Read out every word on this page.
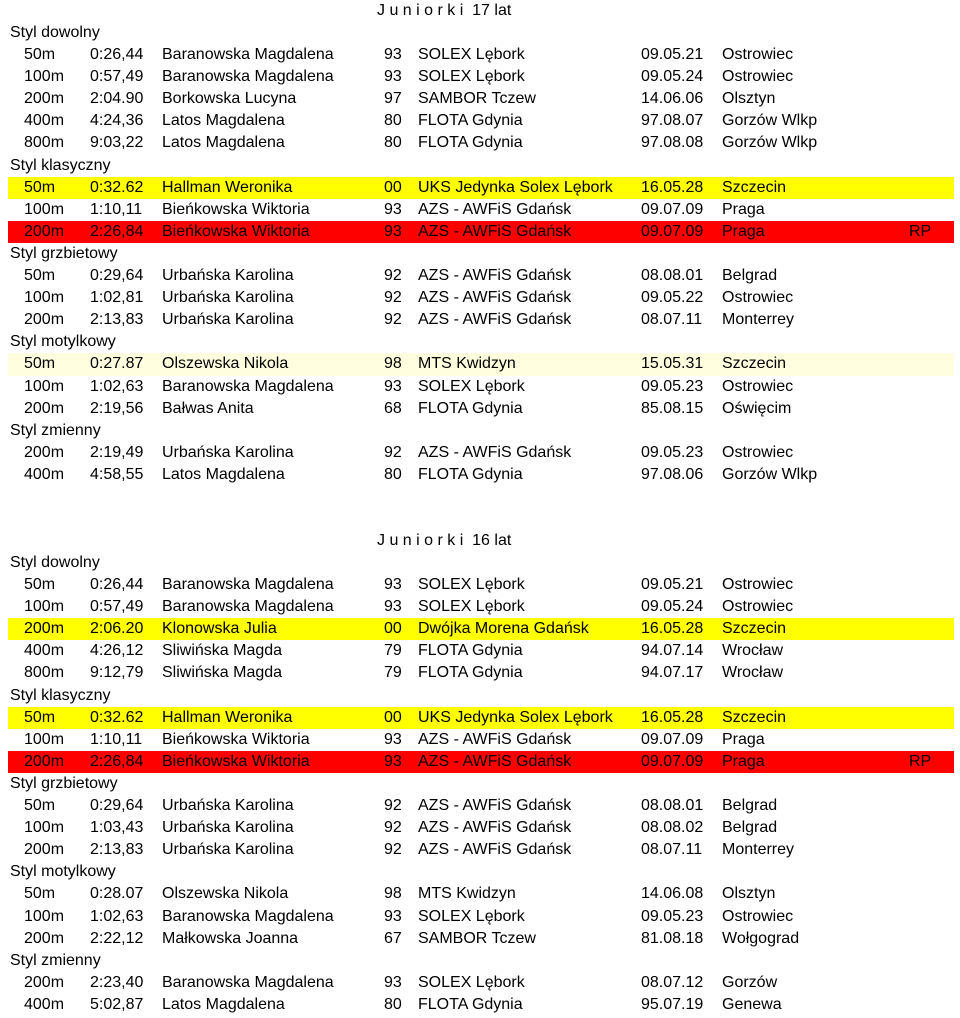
J u n i o r k i  17 lat
Styl dowolny
50m 0:26,44 Baranowska Magdalena	93 SOLEX Lębork	09.05.21 Ostrowiec
100m 0:57,49 Baranowska Magdalena	93 SOLEX Lębork	09.05.24 Ostrowiec
200m 2:04.90 Borkowska Lucyna	97 SAMBOR Tczew	14.06.06 Olsztyn
400m 4:24,36 Latos Magdalena	80 FLOTA Gdynia	97.08.07 Gorzów Wlkp
800m 9:03,22 Latos Magdalena	80 FLOTA Gdynia	97.08.08 Gorzów Wlkp
Styl klasyczny
50m 0:32.62 Hallman Weronika	00 UKS Jedynka Solex Lębork 16.05.28 Szczecin
100m 1:10,11 Bieńkowska Wiktoria	93 AZS - AWFiS Gdańsk	09.07.09 Praga
200m 2:26,84 Bieńkowska Wiktoria	93 AZS - AWFiS Gdańsk	09.07.09 Praga	RP
Styl grzbietowy
50m 0:29,64 Urbańska Karolina	92 AZS - AWFiS Gdańsk	08.08.01 Belgrad
100m 1:02,81 Urbańska Karolina	92 AZS - AWFiS Gdańsk	09.05.22 Ostrowiec
200m 2:13,83 Urbańska Karolina	92 AZS - AWFiS Gdańsk	08.07.11 Monterrey
Styl motylkowy
50m 0:27.87 Olszewska Nikola	98 MTS Kwidzyn	15.05.31 Szczecin
100m 1:02,63 Baranowska Magdalena	93 SOLEX Lębork	09.05.23 Ostrowiec
200m 2:19,56 Bałwas Anita	68 FLOTA Gdynia	85.08.15 Oświęcim
Styl zmienny
200m 2:19,49 Urbańska Karolina	92 AZS - AWFiS Gdańsk	09.05.23 Ostrowiec
400m 4:58,55 Latos Magdalena	80 FLOTA Gdynia	97.08.06 Gorzów Wlkp
J u n i o r k i  16 lat
Styl dowolny
50m 0:26,44 Baranowska Magdalena	93 SOLEX Lębork	09.05.21 Ostrowiec
100m 0:57,49 Baranowska Magdalena	93 SOLEX Lębork	09.05.24 Ostrowiec
200m 2:06.20 Klonowska Julia	00 Dwójka Morena Gdańsk	16.05.28 Szczecin
400m 4:26,12 Sliwińska Magda	79 FLOTA Gdynia	94.07.14 Wrocław
800m 9:12,79 Sliwińska Magda	79 FLOTA Gdynia	94.07.17 Wrocław
Styl klasyczny
50m 0:32.62 Hallman Weronika	00 UKS Jedynka Solex Lębork 16.05.28 Szczecin
100m 1:10,11 Bieńkowska Wiktoria	93 AZS - AWFiS Gdańsk	09.07.09 Praga
200m 2:26,84 Bieńkowska Wiktoria	93 AZS - AWFiS Gdańsk	09.07.09 Praga	RP
Styl grzbietowy
50m 0:29,64 Urbańska Karolina	92 AZS - AWFiS Gdańsk	08.08.01 Belgrad
100m 1:03,43 Urbańska Karolina	92 AZS - AWFiS Gdańsk	08.08.02 Belgrad
200m 2:13,83 Urbańska Karolina	92 AZS - AWFiS Gdańsk	08.07.11 Monterrey
Styl motylkowy
50m 0:28.07 Olszewska Nikola	98 MTS Kwidzyn	14.06.08 Olsztyn
100m 1:02,63 Baranowska Magdalena	93 SOLEX Lębork	09.05.23 Ostrowiec
200m 2:22,12 Małkowska Joanna	67 SAMBOR Tczew	81.08.18 Wołgograd
Styl zmienny
200m 2:23,40 Baranowska Magdalena	93 SOLEX Lębork	08.07.12 Gorzów
400m 5:02,87 Latos Magdalena	80 FLOTA Gdynia	95.07.19 Genewa
